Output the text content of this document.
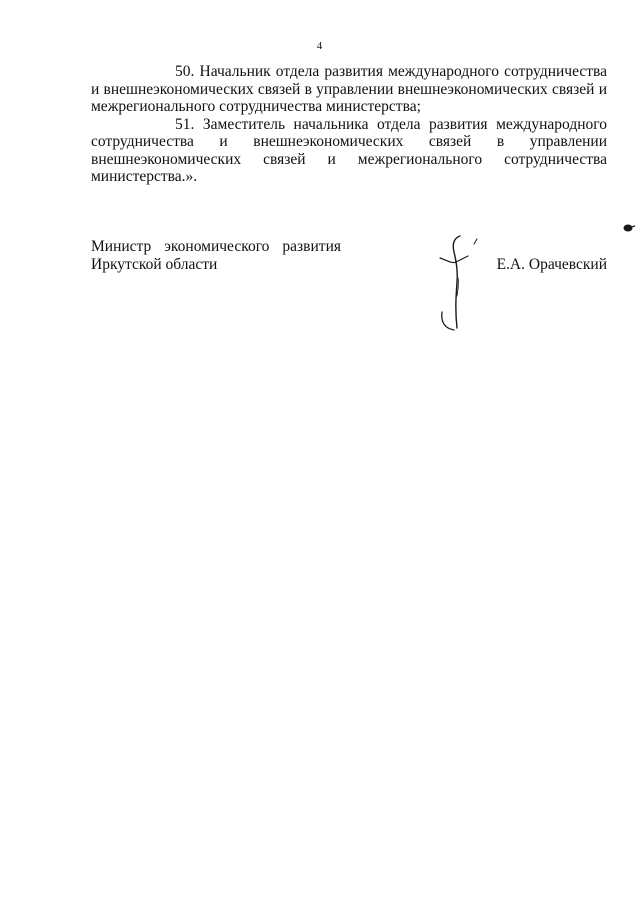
4

50. Начальник отдела развития международного сотрудничества и внешнеэкономических связей в управлении внешнеэкономических связей и межрегионального сотрудничества министерства;

51. Заместитель начальника отдела развития международного сотрудничества и внешнеэкономических связей в управлении внешнеэкономических связей и межрегионального сотрудничества министерства.».

Министр экономического развития
Иркутской области	Е.А. Орачевский
